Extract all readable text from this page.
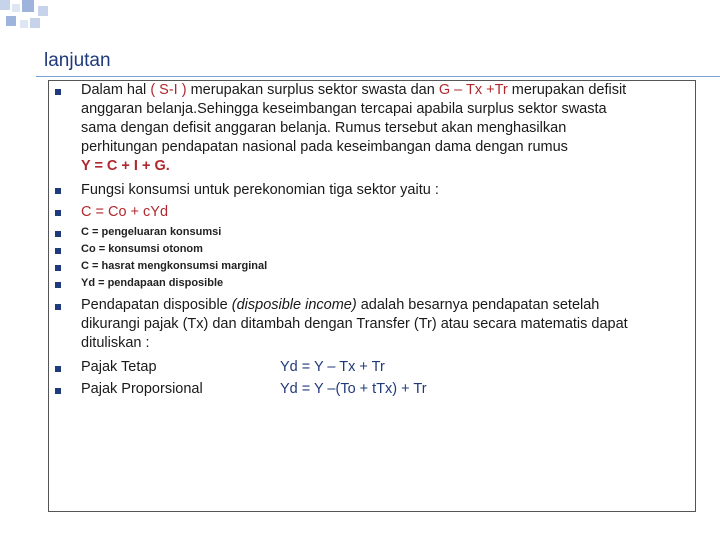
lanjutan
Dalam hal ( S-I ) merupakan surplus sektor swasta dan G – Tx +Tr merupakan defisit
anggaran belanja.Sehingga keseimbangan tercapai apabila surplus sektor swasta
sama dengan defisit anggaran belanja. Rumus tersebut akan menghasilkan
perhitungan pendapatan nasional pada keseimbangan dama dengan rumus
Y = C + I + G.
Fungsi konsumsi untuk perekonomian tiga sektor yaitu :
C = Co + cYd
C = pengeluaran konsumsi
Co = konsumsi otonom
C = hasrat mengkonsumsi marginal
Yd = pendapaan disposible
Pendapatan disposible (disposible income) adalah besarnya pendapatan setelah
dikurangi pajak (Tx) dan ditambah dengan Transfer (Tr) atau secara matematis dapat
dituliskan :
Pajak Tetap	Yd = Y – Tx + Tr
Pajak Proporsional	Yd = Y –(To + tTx) + Tr
